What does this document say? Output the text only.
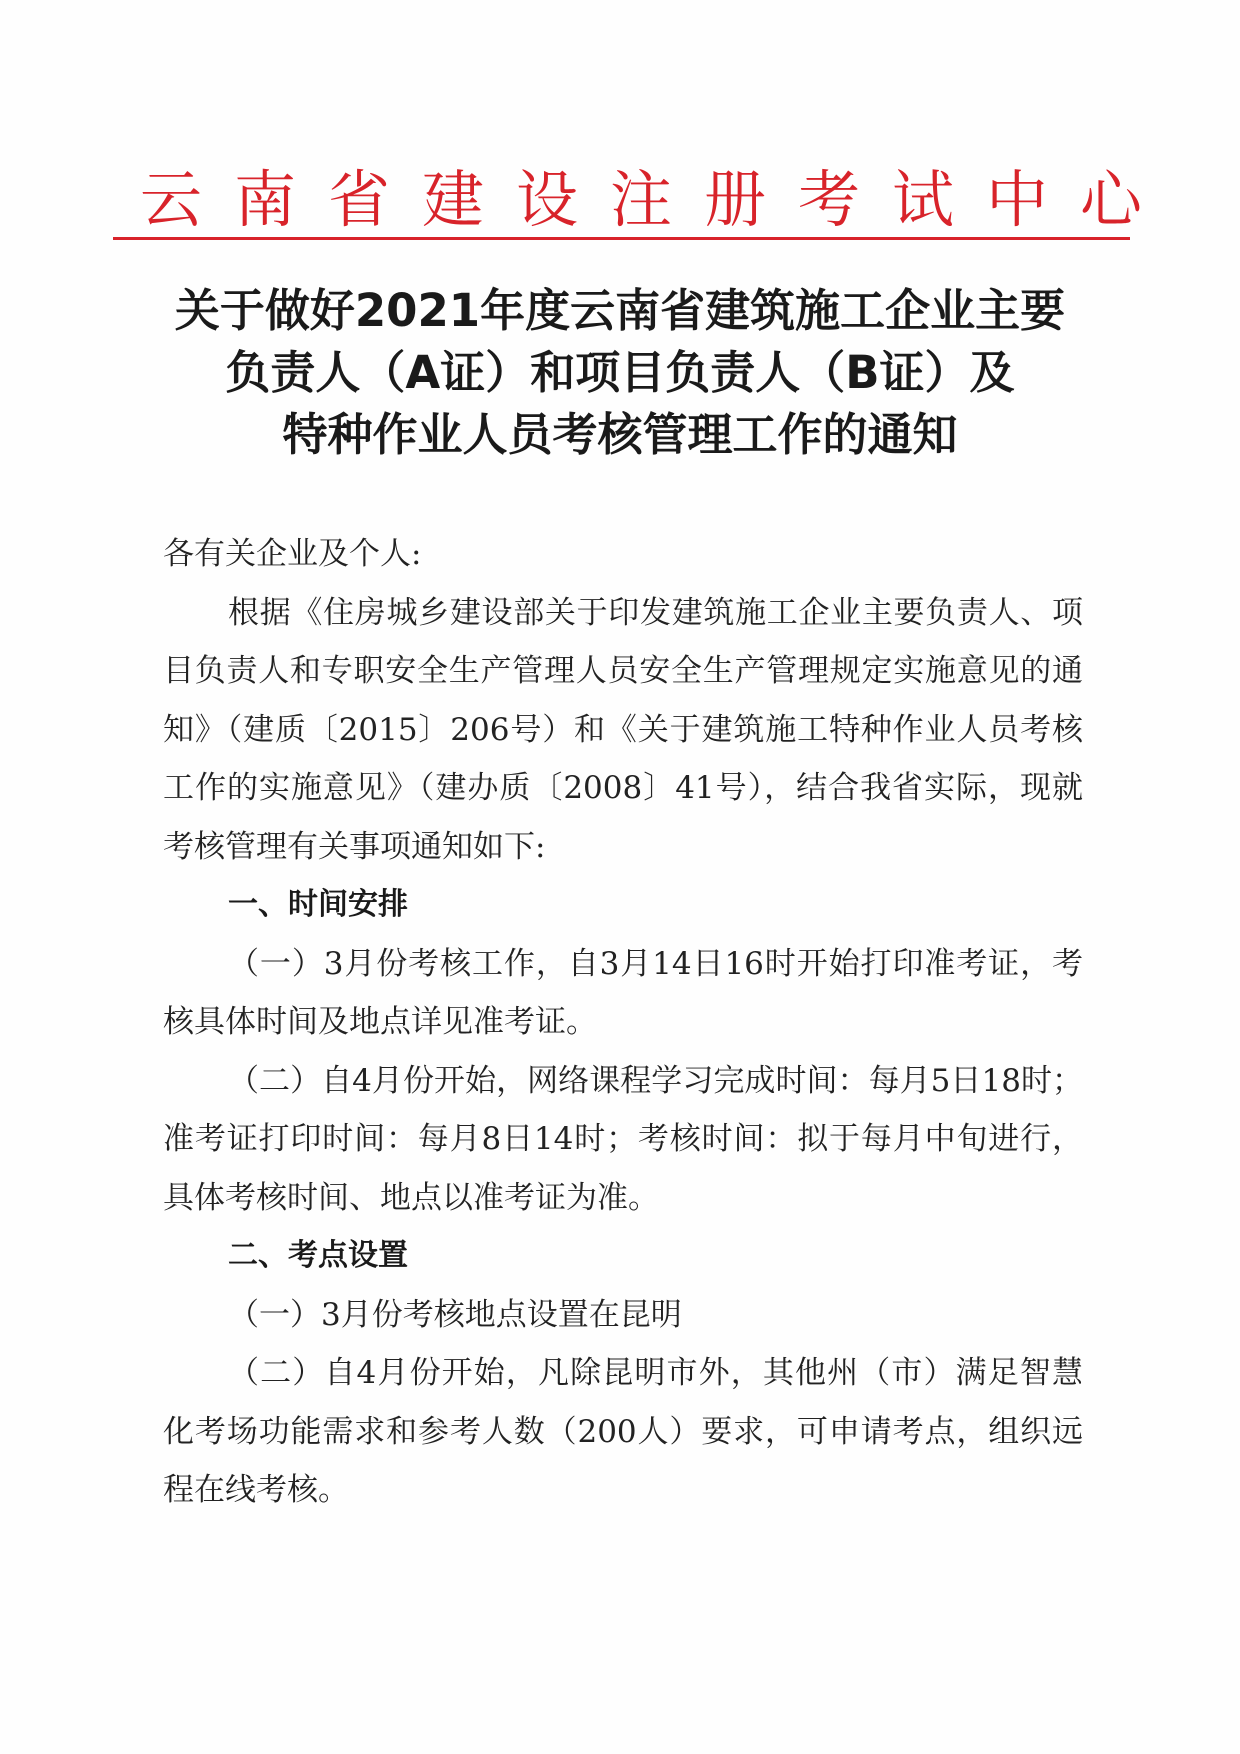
云南省建设注册考试中心
关于做好2021年度云南省建筑施工企业主要
负责人（A证）和项目负责人（B证）及
特种作业人员考核管理工作的通知

各有关企业及个人:

根据《住房城乡建设部关于印发建筑施工企业主要负责人、项目负责人和专职安全生产管理人员安全生产管理规定实施意见的通知》（建质〔2015〕206号）和《关于建筑施工特种作业人员考核工作的实施意见》（建办质〔2008〕41号），结合我省实际，现就考核管理有关事项通知如下:

一、时间安排

（一）3月份考核工作，自3月14日16时开始打印准考证，考核具体时间及地点详见准考证。

（二）自4月份开始，网络课程学习完成时间：每月5日18时；准考证打印时间：每月8日14时；考核时间：拟于每月中旬进行，具体考核时间、地点以准考证为准。

二、考点设置

（一）3月份考核地点设置在昆明

（二）自4月份开始，凡除昆明市外，其他州（市）满足智慧化考场功能需求和参考人数（200人）要求，可申请考点，组织远程在线考核。
